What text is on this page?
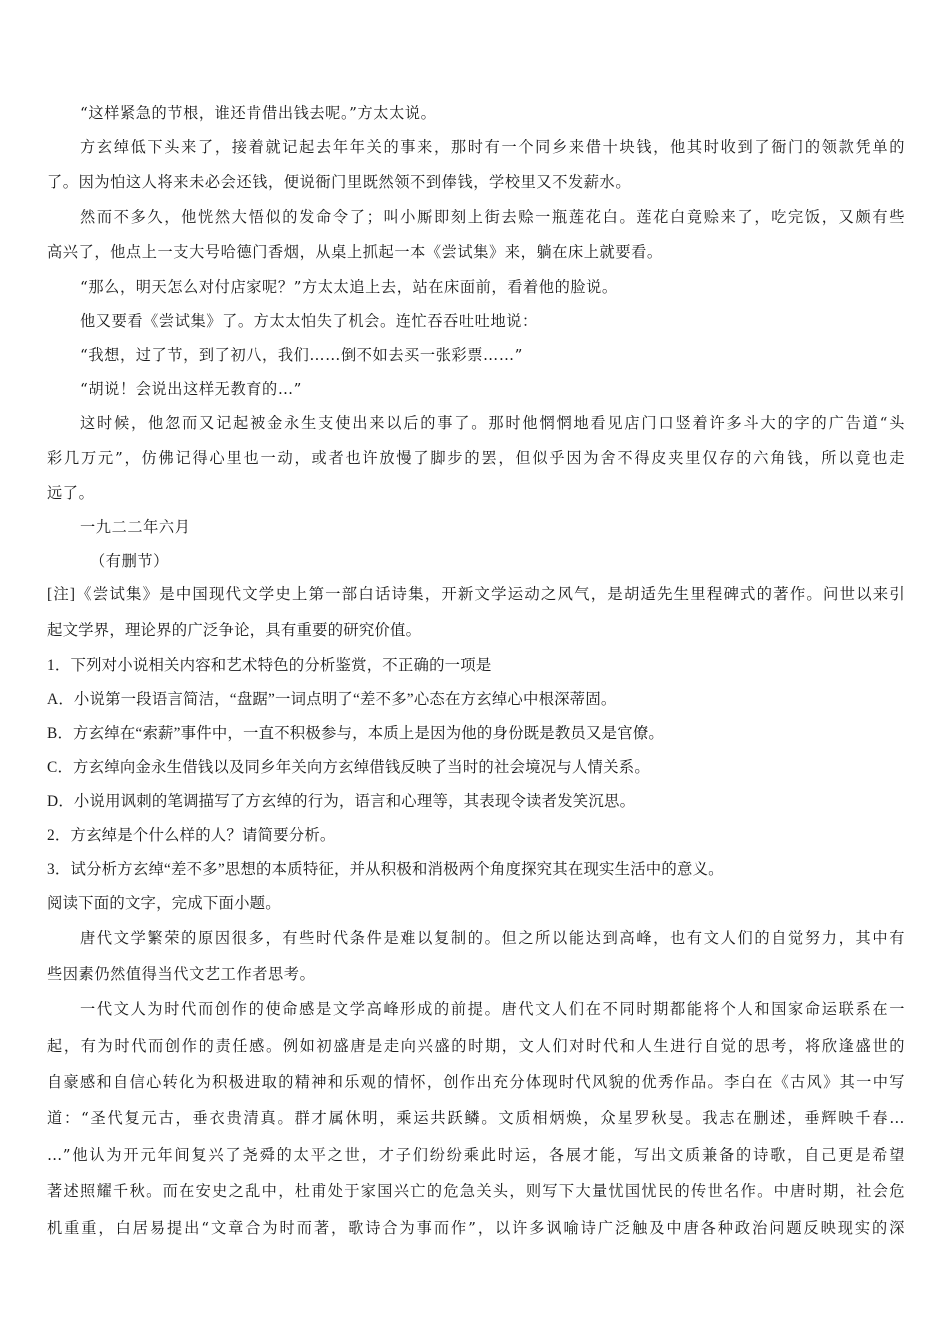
“这样紧急的节根，谁还肯借出钱去呢。”方太太说。
方玄绰低下头来了，接着就记起去年年关的事来，那时有一个同乡来借十块钱，他其时收到了衙门的领款凭单的
了。因为怕这人将来未必会还钱，便说衙门里既然领不到俸钱，学校里又不发薪水。
然而不多久，他恍然大悟似的发命令了；叫小厮即刻上街去赊一瓶莲花白。莲花白竟赊来了，吃完饭，又颇有些
高兴了，他点上一支大号哈德门香烟，从桌上抓起一本《尝试集》来，躺在床上就要看。
“那么，明天怎么对付店家呢？”方太太追上去，站在床面前，看着他的脸说。
他又要看《尝试集》了。方太太怕失了机会。连忙吞吞吐吐地说：
“我想，过了节，到了初八，我们……倒不如去买一张彩票……”
“胡说！会说出这样无教育的…”
这时候，他忽而又记起被金永生支使出来以后的事了。那时他惘惘地看见店门口竖着许多斗大的字的广告道“头
彩几万元”，仿佛记得心里也一动，或者也许放慢了脚步的罢，但似乎因为舍不得皮夹里仅存的六角钱，所以竟也走
远了。
一九二二年六月
（有删节）
[注]《尝试集》是中国现代文学史上第一部白话诗集，开新文学运动之风气，是胡适先生里程碑式的著作。问世以来引
起文学界，理论界的广泛争论，具有重要的研究价值。
1．下列对小说相关内容和艺术特色的分析鉴赏，不正确的一项是
A．小说第一段语言简洁，“盘踞”一词点明了“差不多”心态在方玄绰心中根深蒂固。
B．方玄绰在“索薪”事件中，一直不积极参与，本质上是因为他的身份既是教员又是官僚。
C．方玄绰向金永生借钱以及同乡年关向方玄绰借钱反映了当时的社会境况与人情关系。
D．小说用讽刺的笔调描写了方玄绰的行为，语言和心理等，其表现令读者发笑沉思。
2．方玄绰是个什么样的人？请简要分析。
3．试分析方玄绰“差不多”思想的本质特征，并从积极和消极两个角度探究其在现实生活中的意义。
阅读下面的文字，完成下面小题。
唐代文学繁荣的原因很多，有些时代条件是难以复制的。但之所以能达到高峰，也有文人们的自觉努力，其中有
些因素仍然值得当代文艺工作者思考。
一代文人为时代而创作的使命感是文学高峰形成的前提。唐代文人们在不同时期都能将个人和国家命运联系在一
起，有为时代而创作的责任感。例如初盛唐是走向兴盛的时期，文人们对时代和人生进行自觉的思考，将欣逢盛世的
自豪感和自信心转化为积极进取的精神和乐观的情怀，创作出充分体现时代风貌的优秀作品。李白在《古风》其一中写
道：“圣代复元古，垂衣贵清真。群才属休明，乘运共跃鳞。文质相炳焕，众星罗秋旻。我志在删述，垂辉映千春…
…”他认为开元年间复兴了尧舜的太平之世，才子们纷纷乘此时运，各展才能，写出文质兼备的诗歌，自己更是希望
著述照耀千秋。而在安史之乱中，杜甫处于家国兴亡的危急关头，则写下大量忧国忧民的传世名作。中唐时期，社会危
机重重，白居易提出“文章合为时而著，歌诗合为事而作”，以许多讽喻诗广泛触及中唐各种政治问题反映现实的深
